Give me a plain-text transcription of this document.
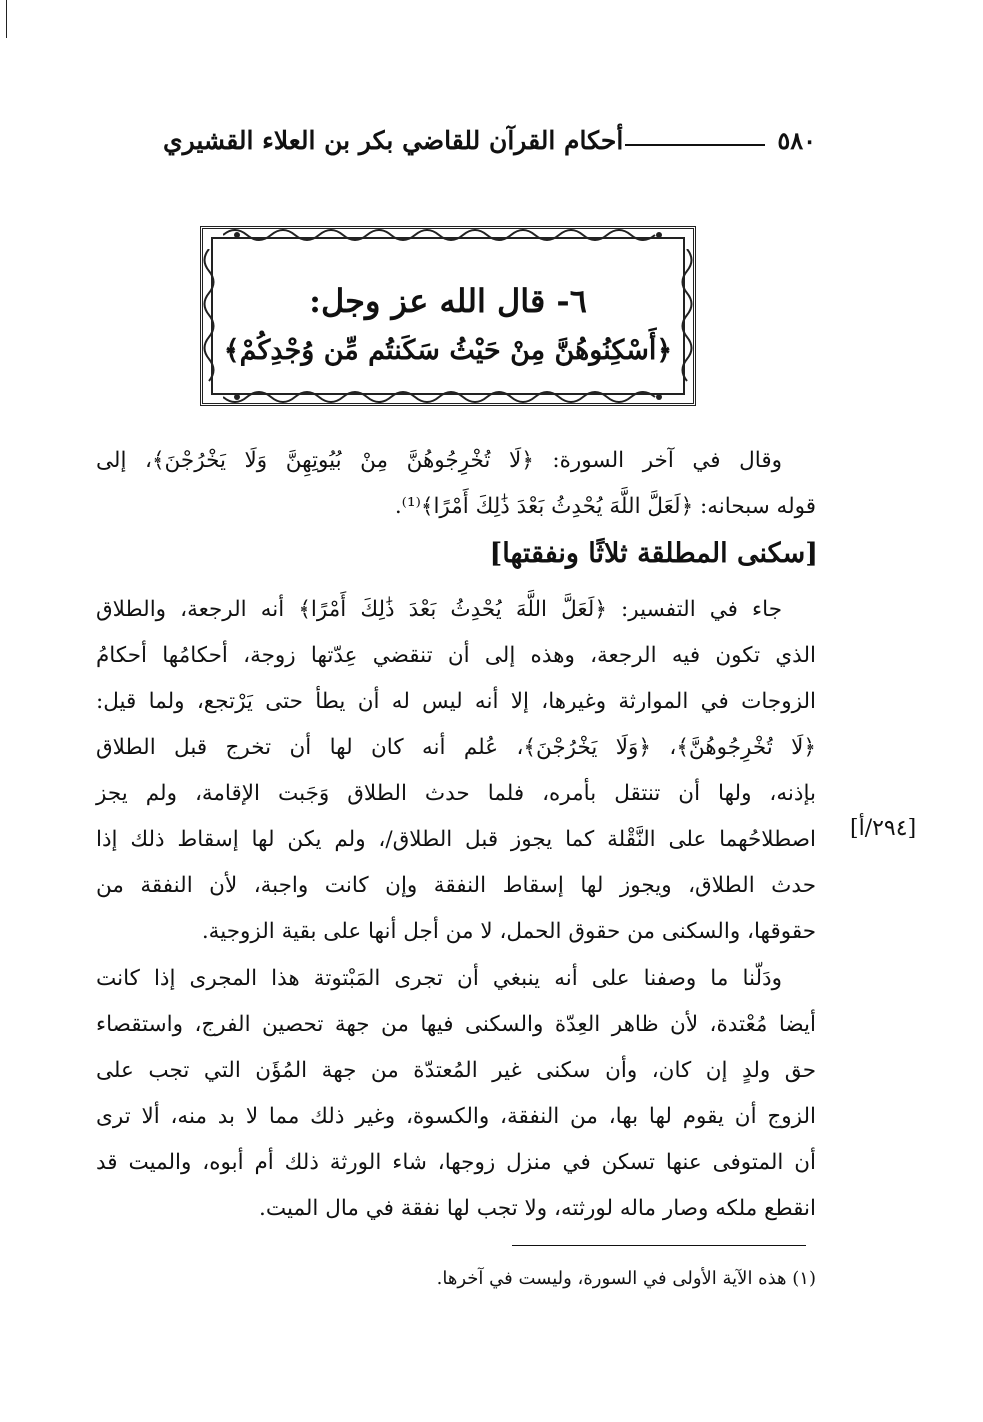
٥٨٠
أحكام القرآن للقاضي بكر بن العلاء القشيري
٦- قال الله عز وجل:
﴿أَسْكِنُوهُنَّ مِنْ حَيْثُ سَكَنتُم مِّن وُجْدِكُمْ﴾
وقال في آخر السورة: ﴿لَا تُخْرِجُوهُنَّ مِنْ بُيُوتِهِنَّ وَلَا يَخْرُجْنَ﴾، إلى
قوله سبحانه: ﴿لَعَلَّ اللَّهَ يُحْدِثُ بَعْدَ ذَٰلِكَ أَمْرًا﴾⁽¹⁾.
[سكنى المطلقة ثلاثًا ونفقتها]
جاء في التفسير: ﴿لَعَلَّ اللَّهَ يُحْدِثُ بَعْدَ ذَٰلِكَ أَمْرًا﴾ أنه الرجعة، والطلاق
الذي تكون فيه الرجعة، وهذه إلى أن تنقضي عِدّتها زوجة، أحكامُها أحكامُ
الزوجات في الموارثة وغيرها، إلا أنه ليس له أن يطأ حتى يَرْتجع، ولما قيل:
﴿لَا تُخْرِجُوهُنَّ﴾، ﴿وَلَا يَخْرُجْنَ﴾، عُلم أنه كان لها أن تخرج قبل الطلاق
بإذنه، ولها أن تنتقل بأمره، فلما حدث الطلاق وَجَبت الإقامة، ولم يجز
اصطلاحُهما على النَّقْلة كما يجوز قبل الطلاق/، ولم يكن لها إسقاط ذلك إذا
حدث الطلاق، ويجوز لها إسقاط النفقة وإن كانت واجبة، لأن النفقة من
حقوقها، والسكنى من حقوق الحمل، لا من أجل أنها على بقية الزوجية.
[٢٩٤/أ]
ودَلّنا ما وصفنا على أنه ينبغي أن تجرى المَبْتوتة هذا المجرى إذا كانت
أيضا مُعْتدة، لأن ظاهر العِدّة والسكنى فيها من جهة تحصين الفرج، واستقصاء
حق ولدٍ إن كان، وأن سكنى غير المُعتدّة من جهة المُؤَن التي تجب على
الزوج أن يقوم لها بها، من النفقة، والكسوة، وغير ذلك مما لا بد منه، ألا ترى
أن المتوفى عنها تسكن في منزل زوجها، شاء الورثة ذلك أم أبوه، والميت قد
انقطع ملكه وصار ماله لورثته، ولا تجب لها نفقة في مال الميت.
(١) هذه الآية الأولى في السورة، وليست في آخرها.
